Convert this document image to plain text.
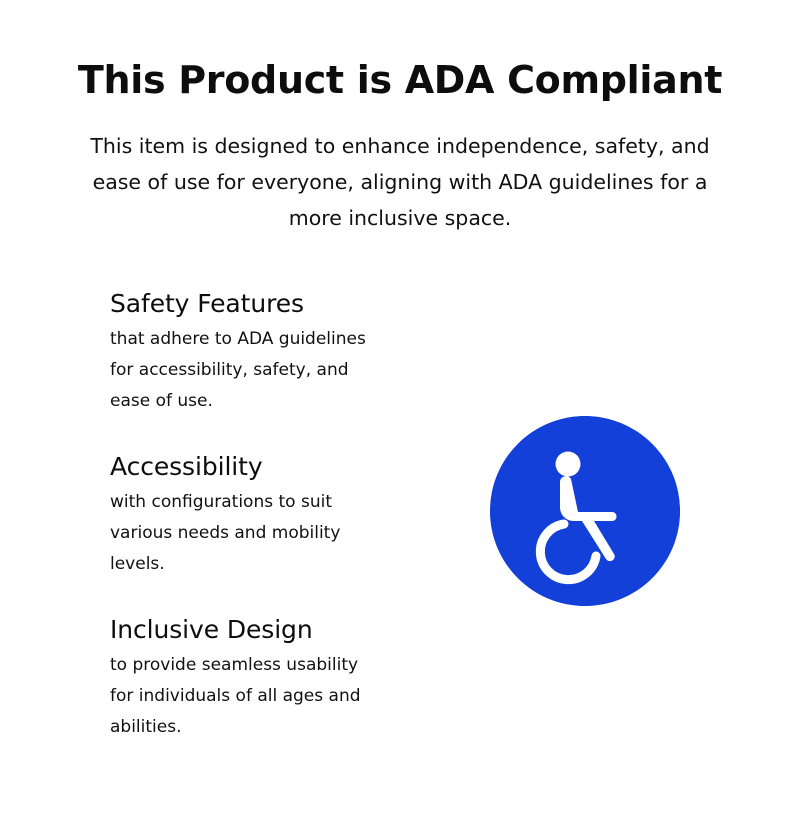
This Product is ADA Compliant

This item is designed to enhance independence, safety, and ease of use for everyone, aligning with ADA guidelines for a more inclusive space.

Safety Features

that adhere to ADA guidelines for accessibility, safety, and ease of use.

Accessibility

with configurations to suit various needs and mobility levels.

Inclusive Design

to provide seamless usability for individuals of all ages and abilities.
